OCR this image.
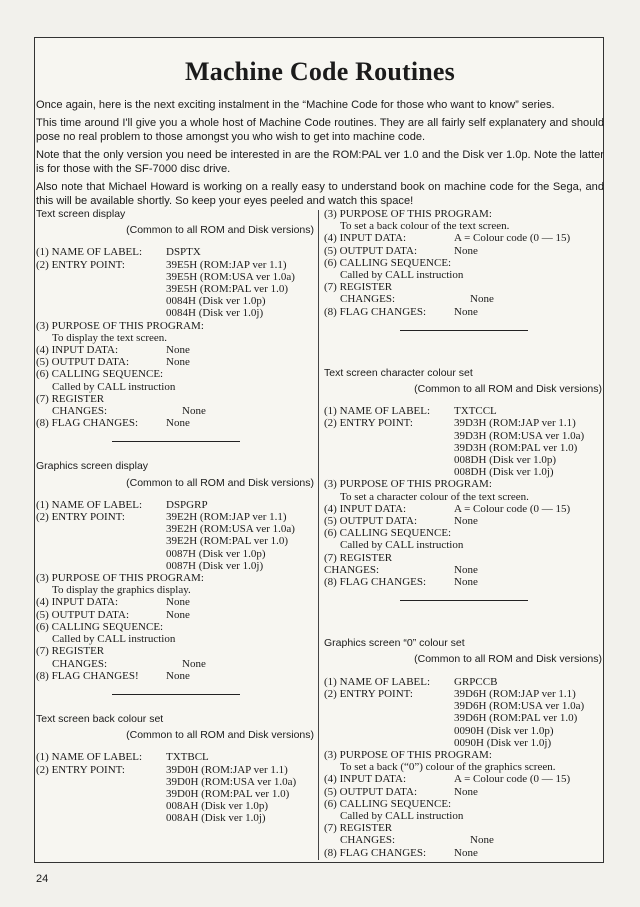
Machine Code Routines

Once again, here is the next exciting instalment in the “Machine Code for those who want to know” series.

This time around I'll give you a whole host of Machine Code routines. They are all fairly self explanatery and should pose no real problem to those amongst you who wish to get into machine code.

Note that the only version you need be interested in are the ROM:PAL ver 1.0 and the Disk ver 1.0p. Note the latter is for those with the SF-7000 disc drive.

Also note that Michael Howard is working on a really easy to understand book on machine code for the Sega, and this will be available shortly. So keep your eyes peeled and watch this space!

Text screen display

(Common to all ROM and Disk versions)

(1) NAME OF LABEL:	DSPTX
(2) ENTRY POINT:	39E5H (ROM:JAP ver 1.1)
39E5H (ROM:USA ver 1.0a)
39E5H (ROM:PAL ver 1.0)
0084H (Disk ver 1.0p)
0084H (Disk ver 1.0j)
(3) PURPOSE OF THIS PROGRAM:
To display the text screen.
(4) INPUT DATA:	None
(5) OUTPUT DATA:	None
(6) CALLING SEQUENCE:
Called by CALL instruction
(7) REGISTER
CHANGES:	None
(8) FLAG CHANGES:	None

Graphics screen display

(Common to all ROM and Disk versions)

(1) NAME OF LABEL:	DSPGRP
(2) ENTRY POINT:	39E2H (ROM:JAP ver 1.1)
39E2H (ROM:USA ver 1.0a)
39E2H (ROM:PAL ver 1.0)
0087H (Disk ver 1.0p)
0087H (Disk ver 1.0j)
(3) PURPOSE OF THIS PROGRAM:
To display the graphics display.
(4) INPUT DATA:	None
(5) OUTPUT DATA:	None
(6) CALLING SEQUENCE:
Called by CALL instruction
(7) REGISTER
CHANGES:	None
(8) FLAG CHANGES!	None

Text screen back colour set

(Common to all ROM and Disk versions)

(1) NAME OF LABEL:	TXTBCL
(2) ENTRY POINT:	39D0H (ROM:JAP ver 1.1)
39D0H (ROM:USA ver 1.0a)
39D0H (ROM:PAL ver 1.0)
008AH (Disk ver 1.0p)
008AH (Disk ver 1.0j)
(3) PURPOSE OF THIS PROGRAM:
To set a back colour of the text screen.
(4) INPUT DATA:	A = Colour code (0 — 15)
(5) OUTPUT DATA:	None
(6) CALLING SEQUENCE:
Called by CALL instruction
(7) REGISTER
CHANGES:	None
(8) FLAG CHANGES:	None

Text screen character colour set

(Common to all ROM and Disk versions)

(1) NAME OF LABEL:	TXTCCL
(2) ENTRY POINT:	39D3H (ROM:JAP ver 1.1)
39D3H (ROM:USA ver 1.0a)
39D3H (ROM:PAL ver 1.0)
008DH (Disk ver 1.0p)
008DH (Disk ver 1.0j)
(3) PURPOSE OF THIS PROGRAM:
To set a character colour of the text screen.
(4) INPUT DATA:	A = Colour code (0 — 15)
(5) OUTPUT DATA:	None
(6) CALLING SEQUENCE:
Called by CALL instruction
(7) REGISTER
CHANGES:	None
(8) FLAG CHANGES:	None

Graphics screen “0” colour set

(Common to all ROM and Disk versions)

(1) NAME OF LABEL:	GRPCCB
(2) ENTRY POINT:	39D6H (ROM:JAP ver 1.1)
39D6H (ROM:USA ver 1.0a)
39D6H (ROM:PAL ver 1.0)
0090H (Disk ver 1.0p)
0090H (Disk ver 1.0j)
(3) PURPOSE OF THIS PROGRAM:
To set a back (“0”) colour of the graphics screen.
(4) INPUT DATA:	A = Colour code (0 — 15)
(5) OUTPUT DATA:	None
(6) CALLING SEQUENCE:
Called by CALL instruction
(7) REGISTER
CHANGES:	None
(8) FLAG CHANGES:	None
24
